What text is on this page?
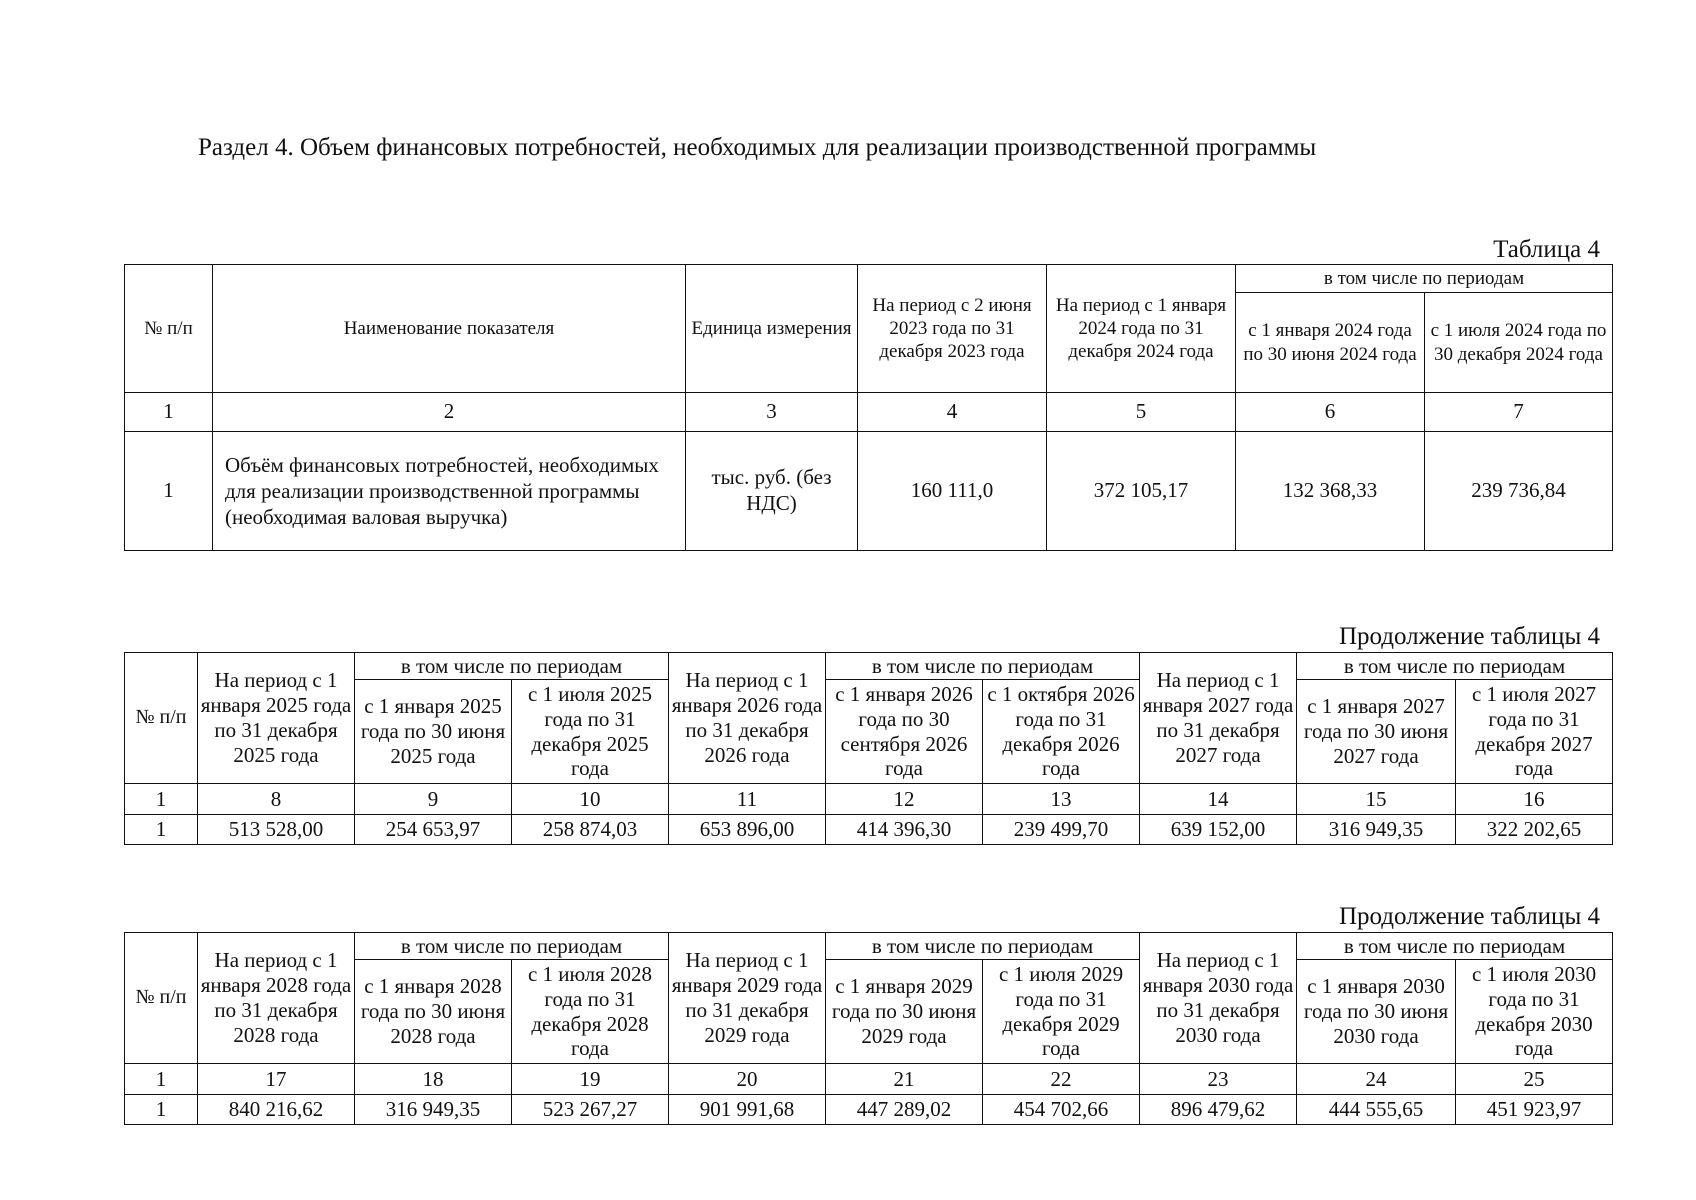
Раздел 4. Объем финансовых потребностей, необходимых для реализации производственной программы
Таблица 4
№ п/п	Наименование показателя	Единица измерения	На период с 2 июня 2023 года по 31 декабря 2023 года	На период с 1 января 2024 года по 31 декабря 2024 года	в том числе по периодам	
					с 1 января 2024 года по 30 июня 2024 года	с 1 июля 2024 года по 30 декабря 2024 года
1	2	3	4	5	6	7
1	Объём финансовых потребностей, необходимых для реализации производственной программы (необходимая валовая выручка)	тыс. руб. (без НДС)	160 111,0	372 105,17	132 368,33	239 736,84
Продолжение таблицы 4
№ п/п	На период с 1 января 2025 года по 31 декабря 2025 года	в том числе по периодам		На период с 1 января 2026 года по 31 декабря 2026 года	в том числе по периодам		На период с 1 января 2027 года по 31 декабря 2027 года	в том числе по периодам	
		с 1 января 2025 года по 30 июня 2025 года	с 1 июля 2025 года по 31 декабря 2025 года		с 1 января 2026 года по 30 сентября 2026 года	с 1 октября 2026 года по 31 декабря 2026 года		с 1 января 2027 года по 30 июня 2027 года	с 1 июля 2027 года по 31 декабря 2027 года
1	8	9	10	11	12	13	14	15	16
1	513 528,00	254 653,97	258 874,03	653 896,00	414 396,30	239 499,70	639 152,00	316 949,35	322 202,65
Продолжение таблицы 4
№ п/п	На период с 1 января 2028 года по 31 декабря 2028 года	в том числе по периодам		На период с 1 января 2029 года по 31 декабря 2029 года	в том числе по периодам		На период с 1 января 2030 года по 31 декабря 2030 года	в том числе по периодам	
		с 1 января 2028 года по 30 июня 2028 года	с 1 июля 2028 года по 31 декабря 2028 года		с 1 января 2029 года по 30 июня 2029 года	с 1 июля 2029 года по 31 декабря 2029 года		с 1 января 2030 года по 30 июня 2030 года	с 1 июля 2030 года по 31 декабря 2030 года
1	17	18	19	20	21	22	23	24	25
1	840 216,62	316 949,35	523 267,27	901 991,68	447 289,02	454 702,66	896 479,62	444 555,65	451 923,97
